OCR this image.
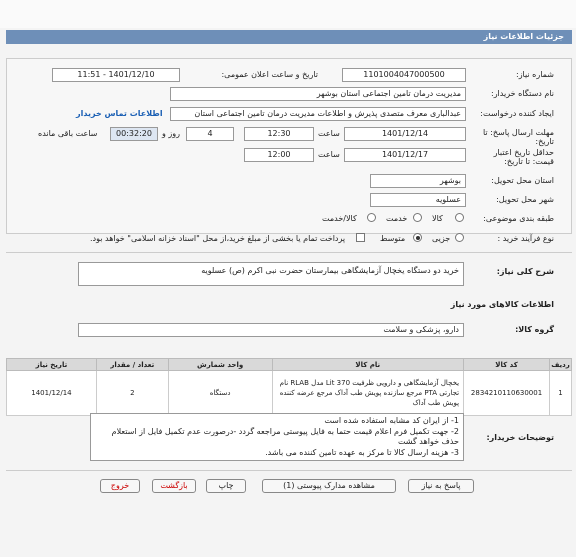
جزئیات اطلاعات نیاز
شماره نیاز:
1101004047000500
تاریخ و ساعت اعلان عمومی:
1401/12/10 - 11:51
نام دستگاه خریدار:
مدیریت درمان تامین اجتماعی استان بوشهر
ایجاد کننده درخواست:
عبدالباری معرف متصدی پذیرش و اطلاعات مدیریت درمان تامین اجتماعی استان
اطلاعات تماس خریدار
مهلت ارسال پاسخ: تا تاریخ:
1401/12/14
ساعت
12:30
4
روز و
00:32:20
ساعت باقی مانده
حداقل تاریخ اعتبار قیمت: تا تاریخ:
1401/12/17
ساعت
12:00
استان محل تحویل:
بوشهر
شهر محل تحویل:
عسلویه
طبقه بندی موضوعی:
کالا
خدمت
کالا/خدمت
نوع فرآیند خرید :
جزیی
متوسط
پرداخت تمام یا بخشی از مبلغ خرید،از محل "اسناد خزانه اسلامی" خواهد بود.
شرح کلی نیاز:
خرید دو دستگاه یخچال آزمایشگاهی بیمارستان حضرت نبی اکرم (ص) عسلویه
اطلاعات کالاهای مورد نیاز
گروه کالا:
دارو، پزشکی و سلامت
ردیف	کد کالا	نام کالا	واحد شمارش	تعداد / مقدار	تاریخ نیاز
1	2834210110630001	یخچال آزمایشگاهی و دارویی ظرفیت Lit 370 مدل RLAB نام تجارتی PTA مرجع سازنده پویش طب آداک مرجع عرضه کننده پویش طب آداک	دستگاه	2	1401/12/14
توضیحات خریدار:
1- از ایران کد مشابه استفاده شده است
2- جهت تکمیل فرم اعلام قیمت حتما به فایل پیوستی مراجعه گردد -درصورت عدم تکمیل فایل از استعلام حذف خواهد گشت
3- هزینه ارسال کالا تا مرکز به عهده تامین کننده می باشد.
پاسخ به نیاز
مشاهده مدارک پیوستی (1)
چاپ
بازگشت
خروج
